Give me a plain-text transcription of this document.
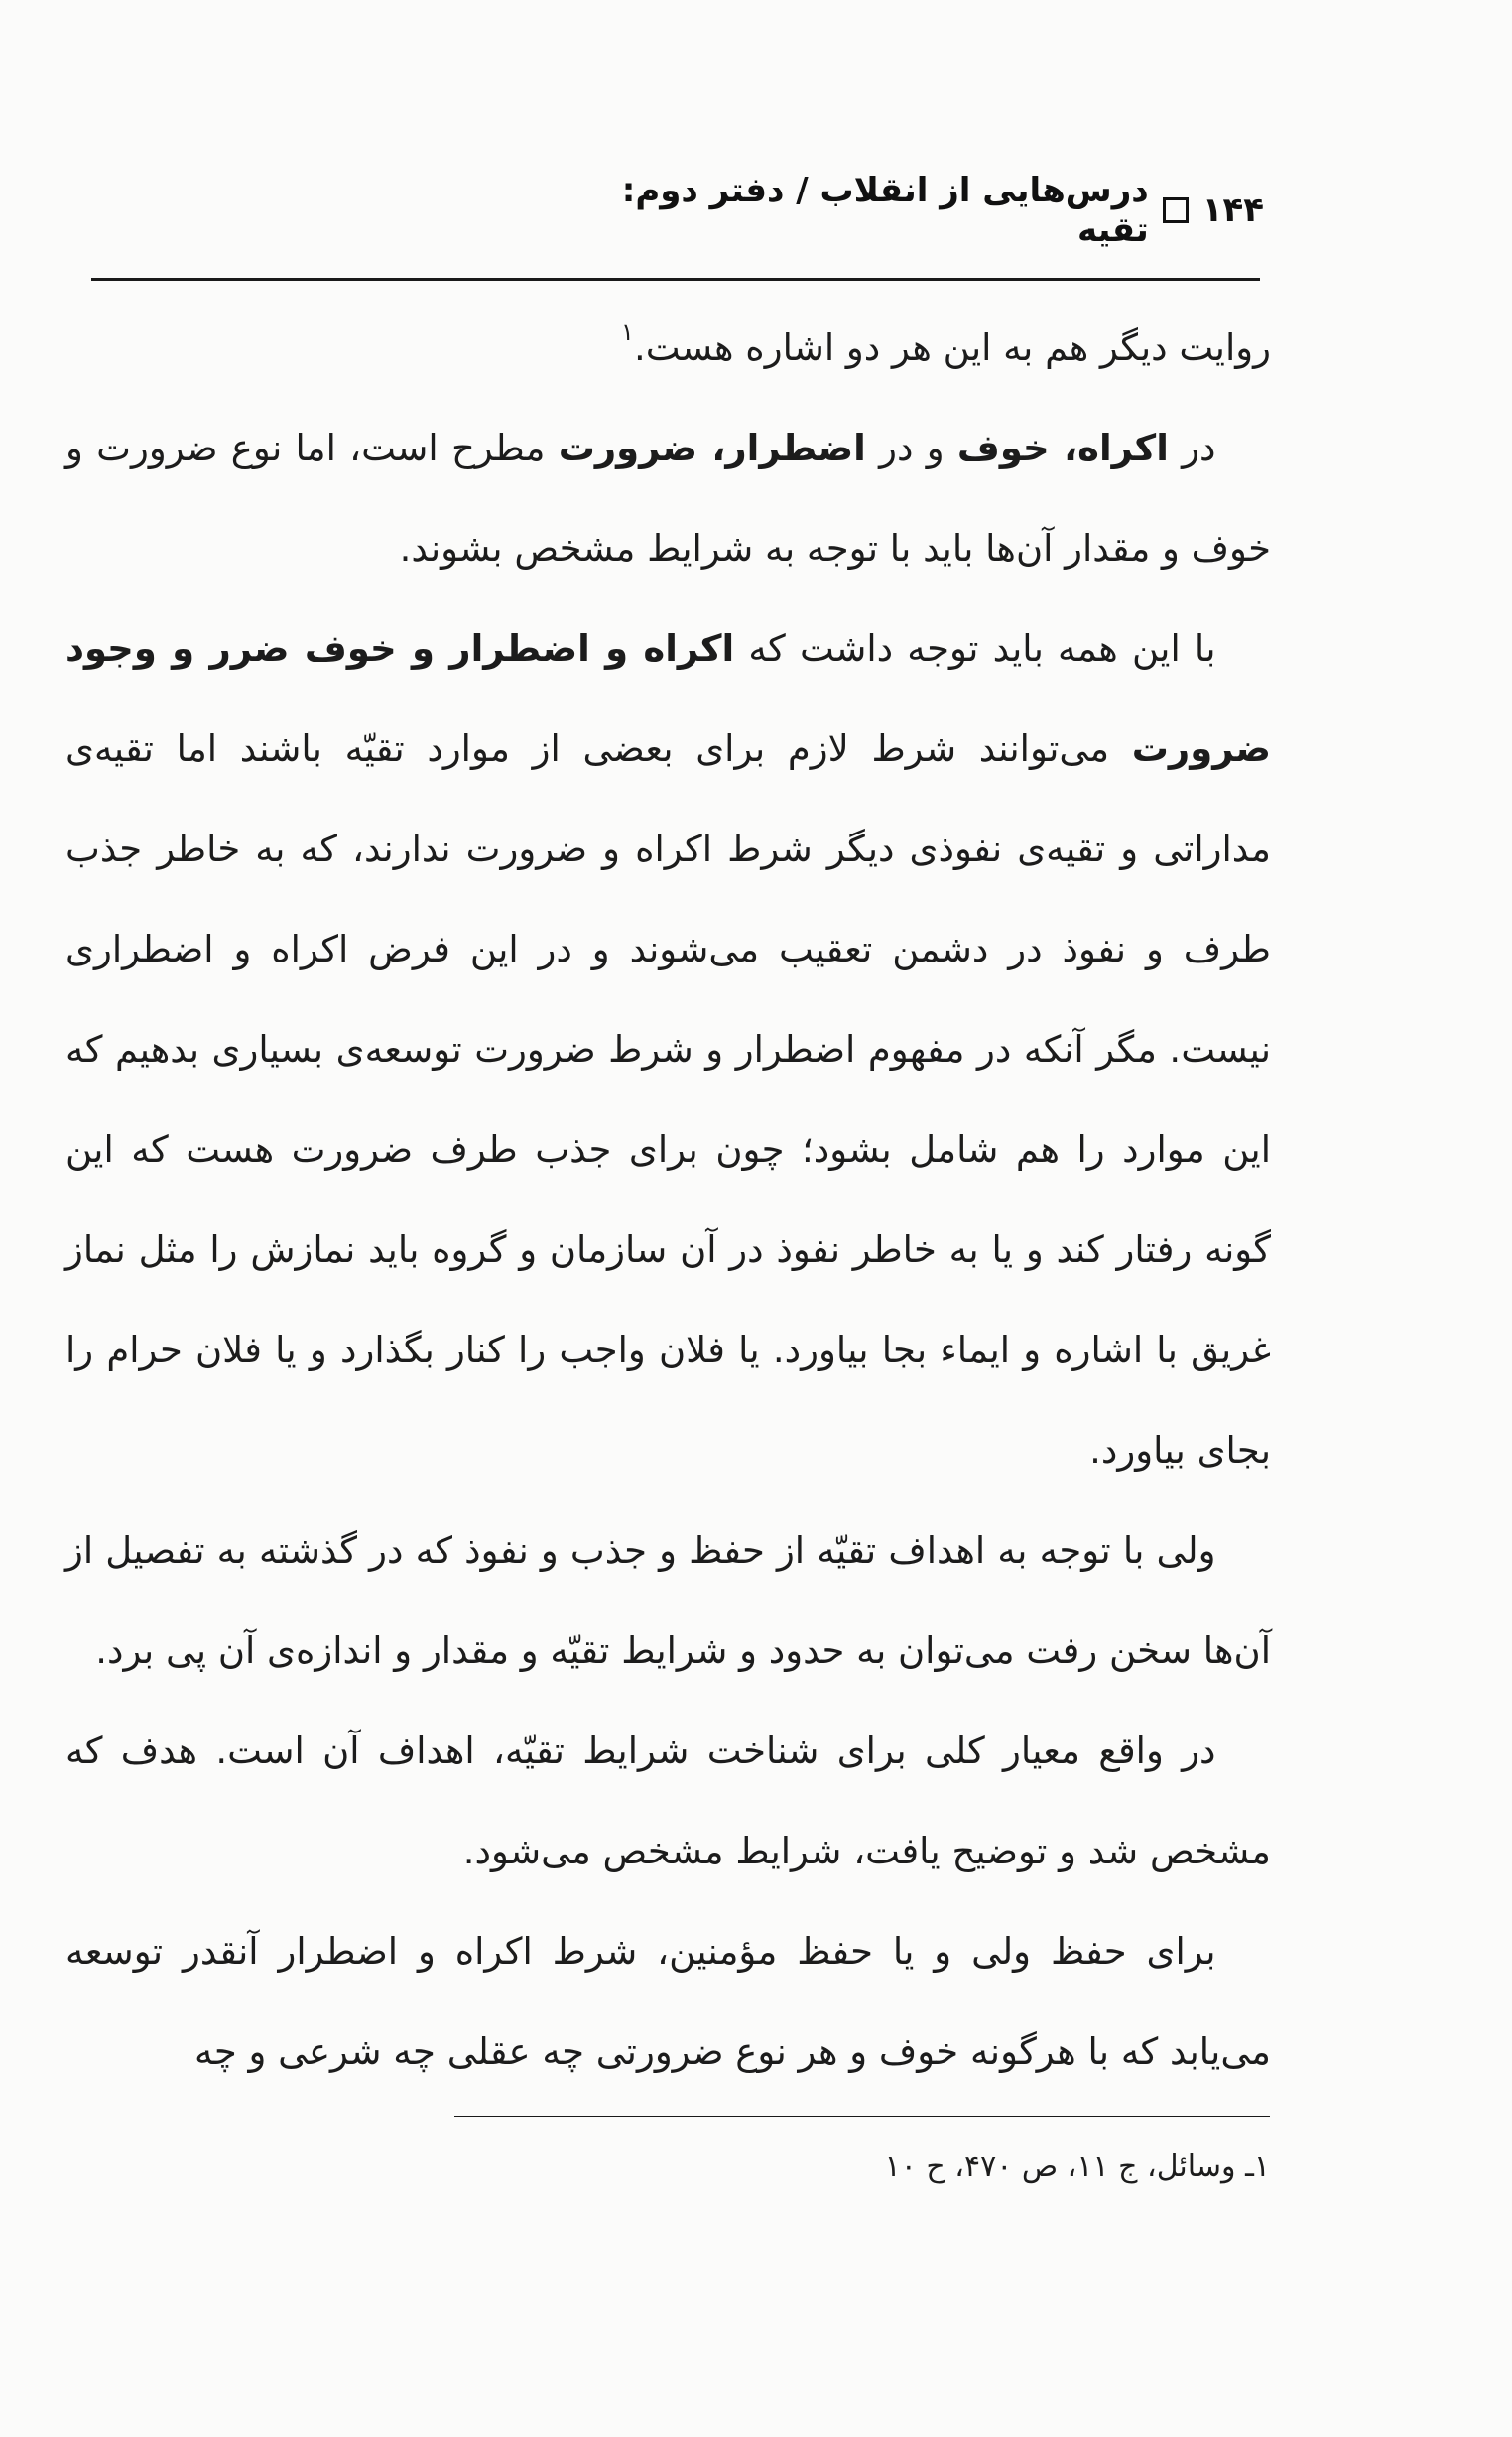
۱۴۴
درس‌هایی از انقلاب / دفتر دوم: تقیه

روایت دیگر هم به این هر دو اشاره هست.$^۱$

در اکراه، خوف و در اضطرار، ضرورت مطرح است، اما نوع ضرورت و خوف و مقدار آن‌ها باید با توجه به شرایط مشخص بشوند.

با این همه باید توجه داشت که اکراه و اضطرار و خوف ضرر و وجود ضرورت می‌توانند شرط لازم برای بعضی از موارد تقیّه باشند اما تقیه‌ی مداراتی و تقیه‌ی نفوذی دیگر شرط اکراه و ضرورت ندارند، که به خاطر جذب طرف و نفوذ در دشمن تعقیب می‌شوند و در این فرض اکراه و اضطراری نیست. مگر آنکه در مفهوم اضطرار و شرط ضرورت توسعه‌ی بسیاری بدهیم که این موارد را هم شامل بشود؛ چون برای جذب طرف ضرورت هست که این گونه رفتار کند و یا به خاطر نفوذ در آن سازمان و گروه باید نمازش را مثل نماز غریق با اشاره و ایماء بجا بیاورد. یا فلان واجب را کنار بگذارد و یا فلان حرام را بجای بیاورد.

ولی با توجه به اهداف تقیّه از حفظ و جذب و نفوذ که در گذشته به تفصیل از آن‌ها سخن رفت می‌توان به حدود و شرایط تقیّه و مقدار و اندازه‌ی آن پی برد.

در واقع معیار کلی برای شناخت شرایط تقیّه، اهداف آن است. هدف که مشخص شد و توضیح یافت، شرایط مشخص می‌شود.

برای حفظ ولی و یا حفظ مؤمنین، شرط اکراه و اضطرار آنقدر توسعه می‌یابد که با هرگونه خوف و هر نوع ضرورتی چه عقلی چه شرعی و چه

۱ـ وسائل، ج ۱۱، ص ۴۷۰، ح ۱۰
